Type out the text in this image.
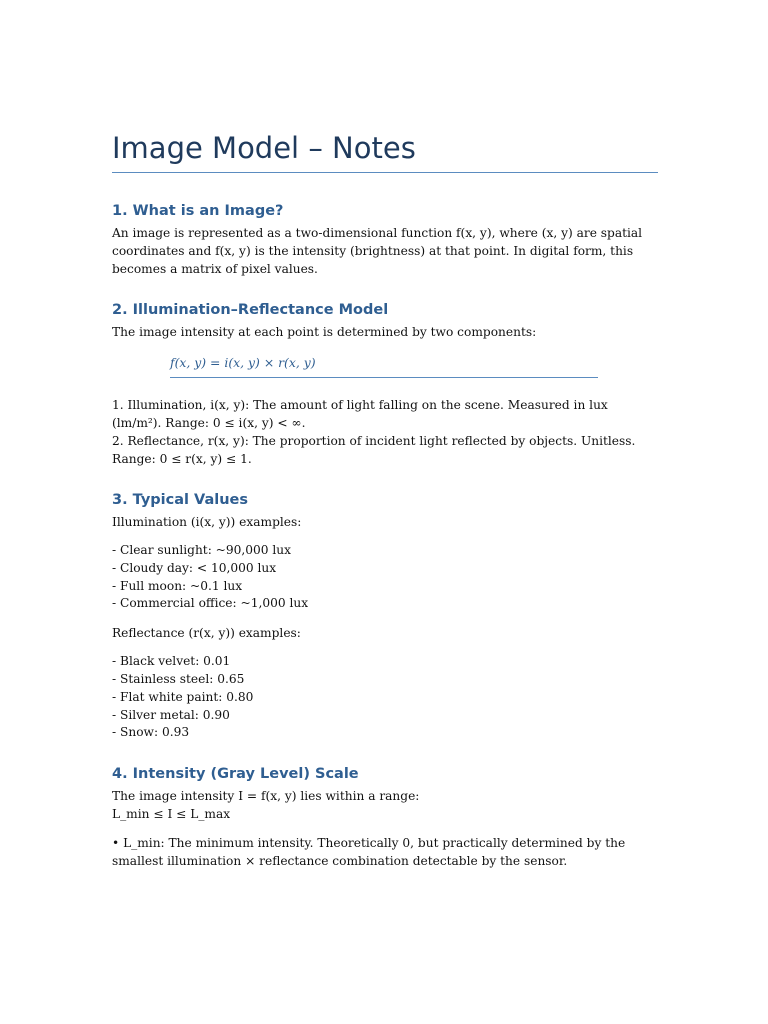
Image Model – Notes
1. What is an Image?

An image is represented as a two-dimensional function f(x, y), where (x, y) are spatial coordinates and f(x, y) is the intensity (brightness) at that point. In digital form, this becomes a matrix of pixel values.

2. Illumination–Reflectance Model

The image intensity at each point is determined by two components:

f(x, y) = i(x, y) × r(x, y)

1. Illumination, i(x, y): The amount of light falling on the scene. Measured in lux (lm/m²). Range: 0 ≤ i(x, y) < ∞.

2. Reflectance, r(x, y): The proportion of incident light reflected by objects. Unitless. Range: 0 ≤ r(x, y) ≤ 1.

3. Typical Values

Illumination (i(x, y)) examples:

- Clear sunlight: ~90,000 lux
- Cloudy day: < 10,000 lux
- Full moon: ~0.1 lux
- Commercial office: ~1,000 lux

Reflectance (r(x, y)) examples:

- Black velvet: 0.01
- Stainless steel: 0.65
- Flat white paint: 0.80
- Silver metal: 0.90
- Snow: 0.93
4. Intensity (Gray Level) Scale

The image intensity I = f(x, y) lies within a range:

L_min ≤ I ≤ L_max

• L_min: The minimum intensity. Theoretically 0, but practically determined by the smallest illumination × reflectance combination detectable by the sensor.
